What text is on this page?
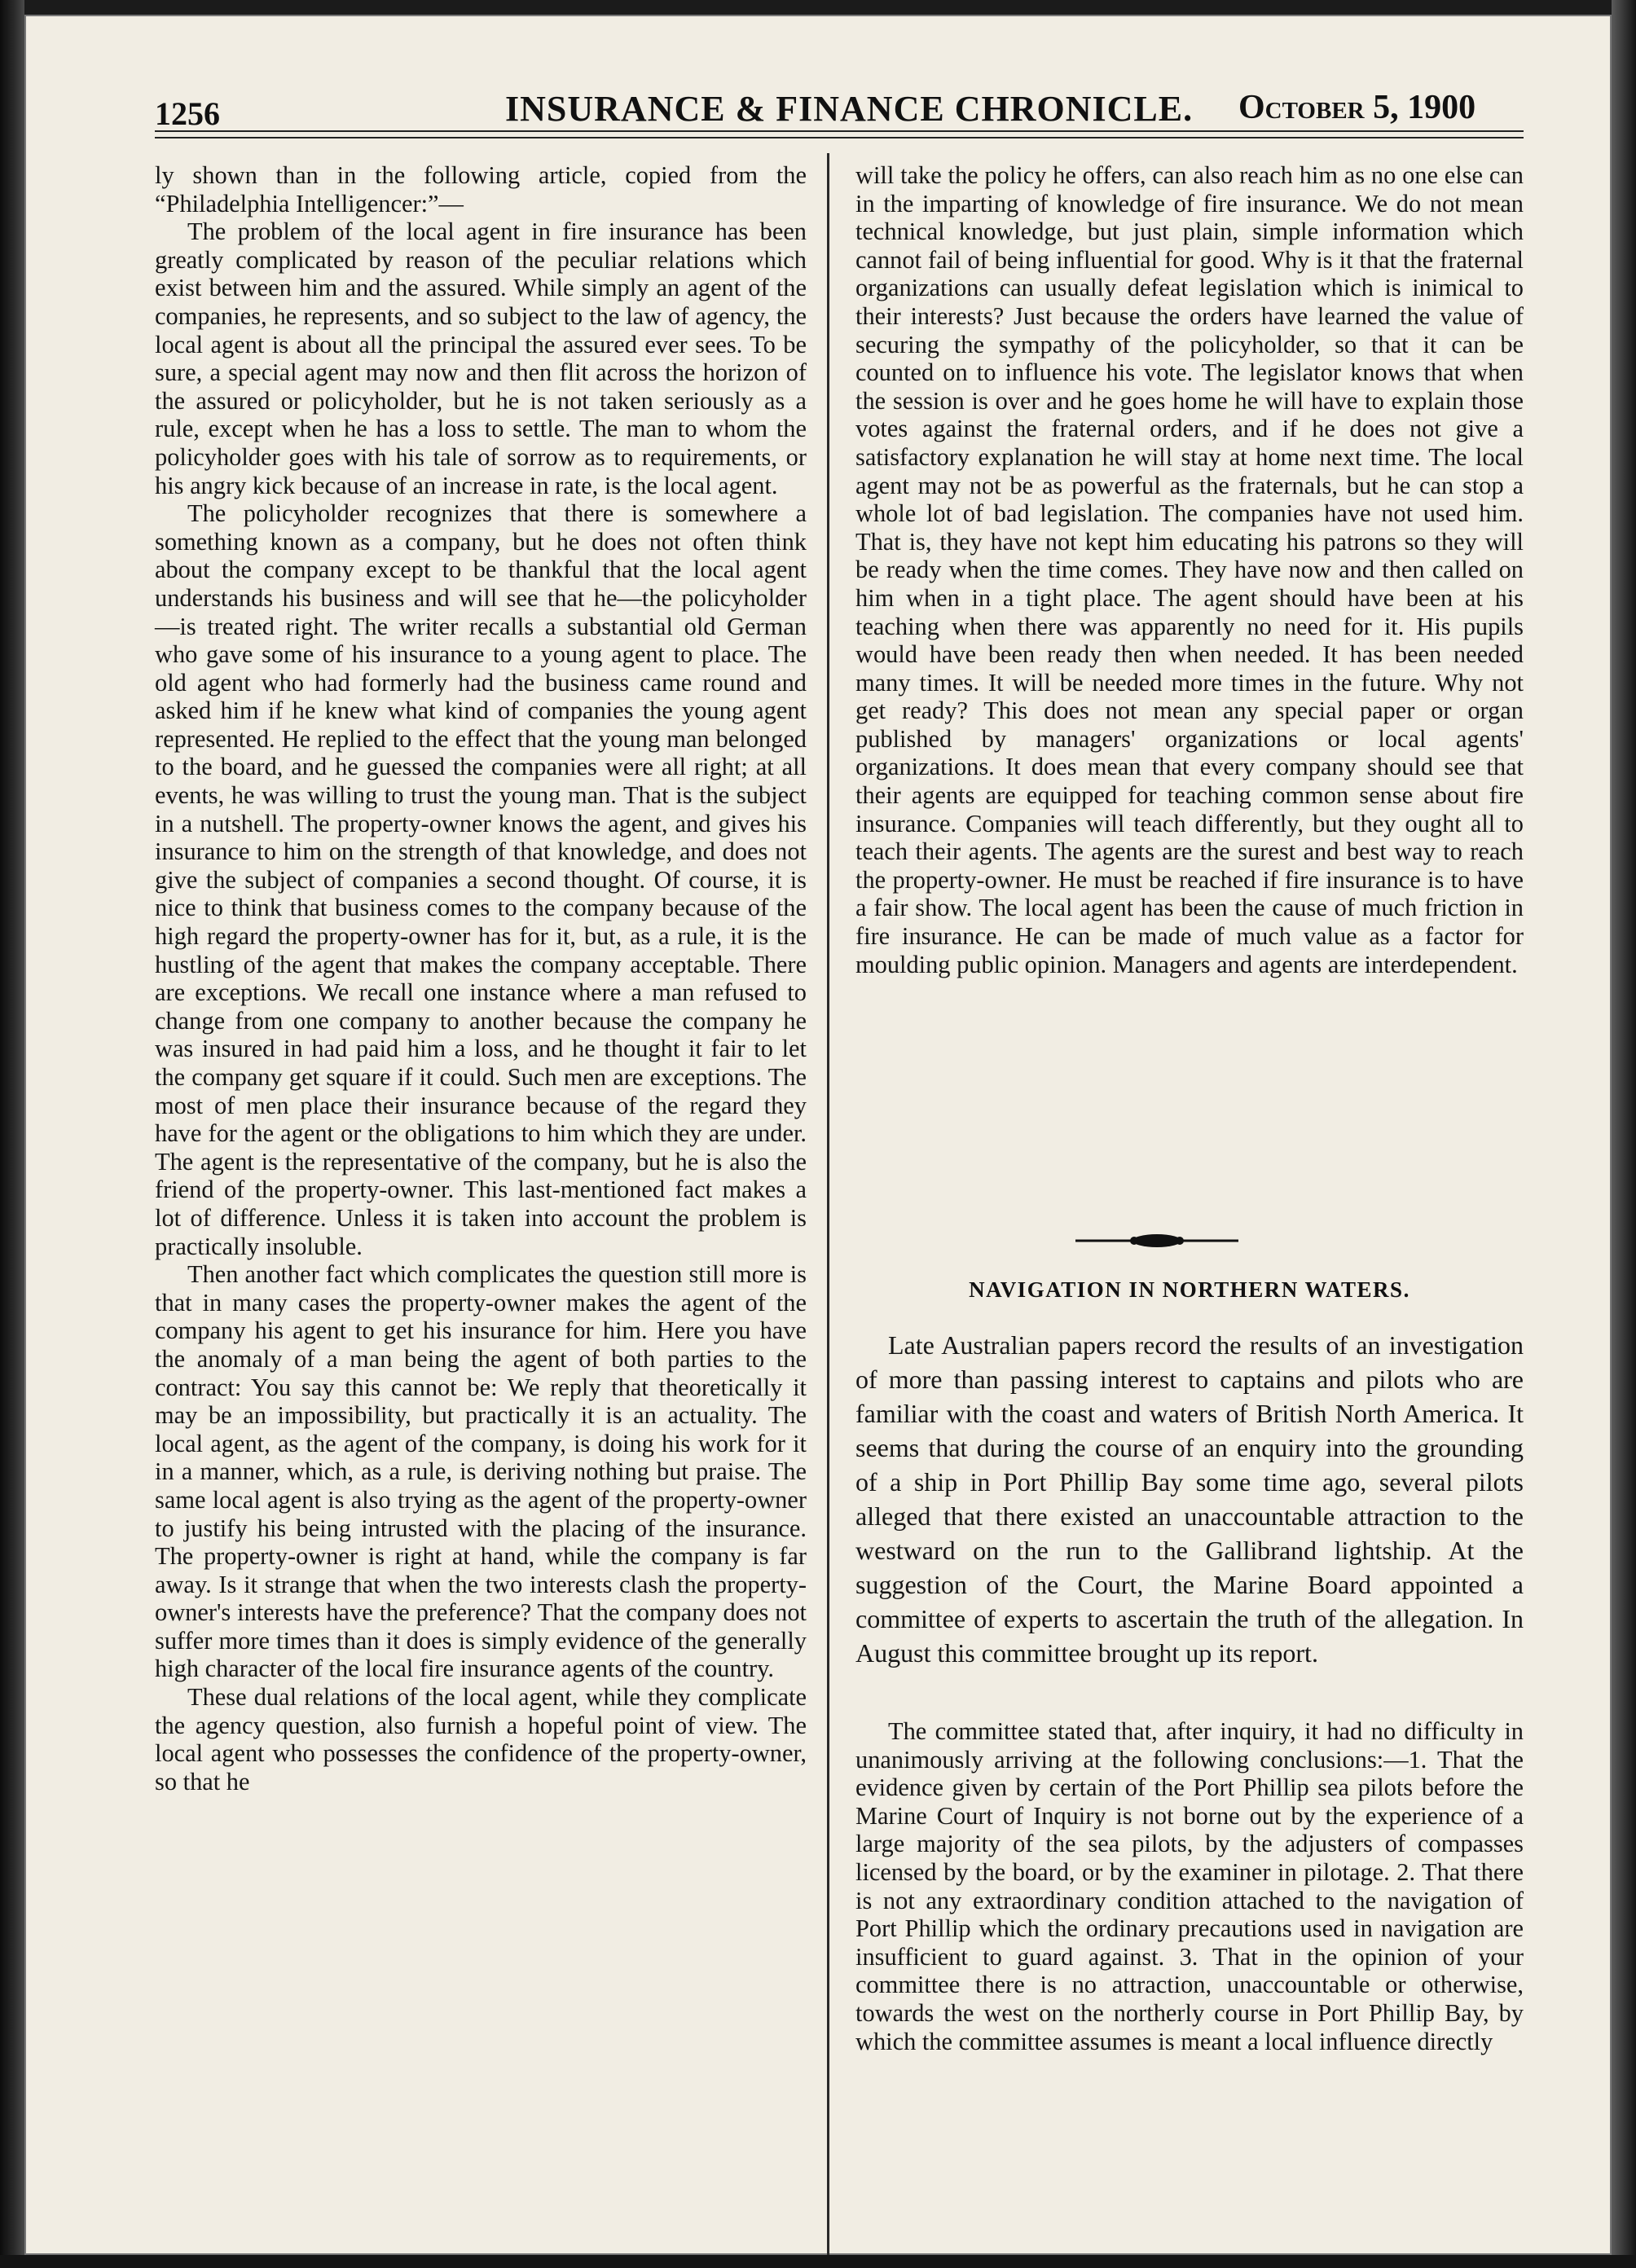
1256	INSURANCE & FINANCE CHRONICLE. October 5, 1900

ly shown than in the following article, copied from the “Philadelphia Intelligencer:”—

The problem of the local agent in fire insurance has been greatly complicated by reason of the peculiar relations which exist between him and the assured. While simply an agent of the companies, he represents, and so subject to the law of agency, the local agent is about all the principal the assured ever sees. To be sure, a special agent may now and then flit across the horizon of the assured or policyholder, but he is not taken seriously as a rule, except when he has a loss to settle. The man to whom the policyholder goes with his tale of sorrow as to requirements, or his angry kick because of an increase in rate, is the local agent.

The policyholder recognizes that there is somewhere a something known as a company, but he does not often think about the company except to be thankful that the local agent understands his business and will see that he—the policyholder—is treated right. The writer recalls a substantial old German who gave some of his insurance to a young agent to place. The old agent who had formerly had the business came round and asked him if he knew what kind of companies the young agent represented. He replied to the effect that the young man belonged to the board, and he guessed the companies were all right; at all events, he was willing to trust the young man. That is the subject in a nutshell. The property-owner knows the agent, and gives his insurance to him on the strength of that knowledge, and does not give the subject of companies a second thought. Of course, it is nice to think that business comes to the company because of the high regard the property-owner has for it, but, as a rule, it is the hustling of the agent that makes the company acceptable. There are exceptions. We recall one instance where a man refused to change from one company to another because the company he was insured in had paid him a loss, and he thought it fair to let the company get square if it could. Such men are exceptions. The most of men place their insurance because of the regard they have for the agent or the obligations to him which they are under. The agent is the representative of the company, but he is also the friend of the property-owner. This last-mentioned fact makes a lot of difference. Unless it is taken into account the problem is practically insoluble.

Then another fact which complicates the question still more is that in many cases the property-owner makes the agent of the company his agent to get his insurance for him. Here you have the anomaly of a man being the agent of both parties to the contract: You say this cannot be: We reply that theoretically it may be an impossibility, but practically it is an actuality. The local agent, as the agent of the company, is doing his work for it in a manner, which, as a rule, is deriving nothing but praise. The same local agent is also trying as the agent of the property-owner to justify his being intrusted with the placing of the insurance. The property-owner is right at hand, while the company is far away. Is it strange that when the two interests clash the property-owner's interests have the preference? That the company does not suffer more times than it does is simply evidence of the generally high character of the local fire insurance agents of the country.

These dual relations of the local agent, while they complicate the agency question, also furnish a hopeful point of view. The local agent who possesses the confidence of the property-owner, so that he

will take the policy he offers, can also reach him as no one else can in the imparting of knowledge of fire insurance. We do not mean technical knowledge, but just plain, simple information which cannot fail of being influential for good. Why is it that the fraternal organizations can usually defeat legislation which is inimical to their interests? Just because the orders have learned the value of securing the sympathy of the policyholder, so that it can be counted on to influence his vote. The legislator knows that when the session is over and he goes home he will have to explain those votes against the fraternal orders, and if he does not give a satisfactory explanation he will stay at home next time. The local agent may not be as powerful as the fraternals, but he can stop a whole lot of bad legislation. The companies have not used him. That is, they have not kept him educating his patrons so they will be ready when the time comes. They have now and then called on him when in a tight place. The agent should have been at his teaching when there was apparently no need for it. His pupils would have been ready then when needed. It has been needed many times. It will be needed more times in the future. Why not get ready? This does not mean any special paper or organ published by managers' organizations or local agents' organizations. It does mean that every company should see that their agents are equipped for teaching common sense about fire insurance. Companies will teach differently, but they ought all to teach their agents. The agents are the surest and best way to reach the property-owner. He must be reached if fire insurance is to have a fair show. The local agent has been the cause of much friction in fire insurance. He can be made of much value as a factor for moulding public opinion. Managers and agents are interdependent.

NAVIGATION IN NORTHERN WATERS.

Late Australian papers record the results of an investigation of more than passing interest to captains and pilots who are familiar with the coast and waters of British North America. It seems that during the course of an enquiry into the grounding of a ship in Port Phillip Bay some time ago, several pilots alleged that there existed an unaccountable attraction to the westward on the run to the Gallibrand lightship. At the suggestion of the Court, the Marine Board appointed a committee of experts to ascertain the truth of the allegation. In August this committee brought up its report.

The committee stated that, after inquiry, it had no difficulty in unanimously arriving at the following conclusions:—1. That the evidence given by certain of the Port Phillip sea pilots before the Marine Court of Inquiry is not borne out by the experience of a large majority of the sea pilots, by the adjusters of compasses licensed by the board, or by the examiner in pilotage. 2. That there is not any extraordinary condition attached to the navigation of Port Phillip which the ordinary precautions used in navigation are insufficient to guard against. 3. That in the opinion of your committee there is no attraction, unaccountable or otherwise, towards the west on the northerly course in Port Phillip Bay, by which the committee assumes is meant a local influence directly
